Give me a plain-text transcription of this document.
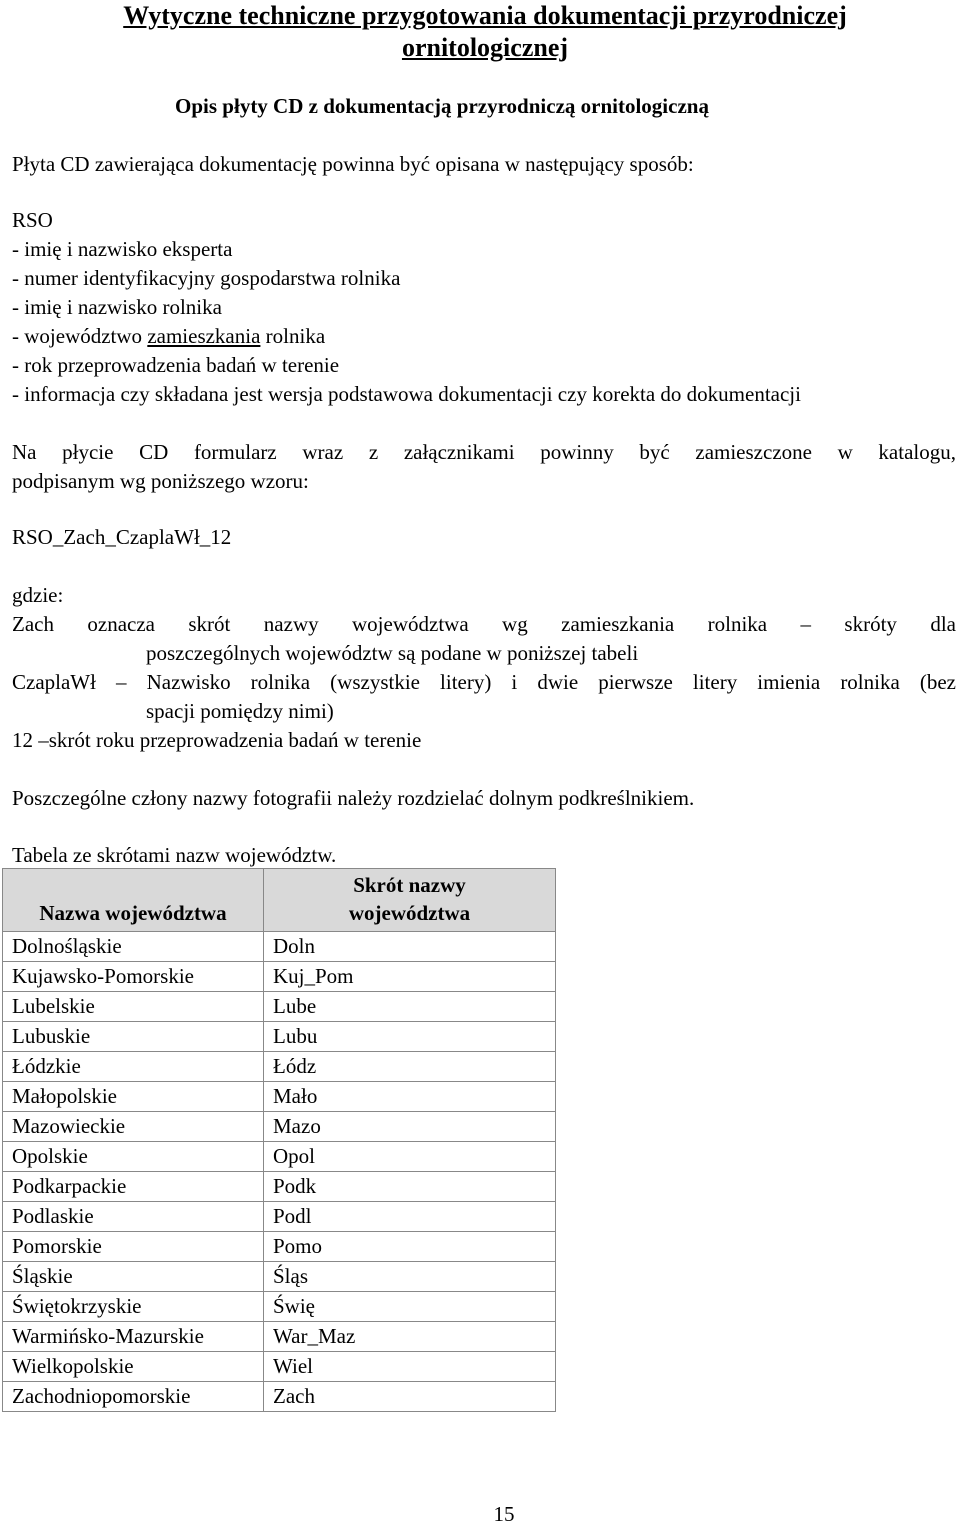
Wytyczne techniczne przygotowania dokumentacji przyrodniczej
ornitologicznej
Opis płyty CD z dokumentacją przyrodniczą ornitologiczną
Płyta CD zawierająca dokumentację powinna być opisana w następujący sposób:
RSO
- imię i nazwisko eksperta
- numer identyfikacyjny gospodarstwa rolnika
- imię i nazwisko rolnika
- województwo zamieszkania rolnika
- rok przeprowadzenia badań w terenie
- informacja czy składana jest wersja podstawowa dokumentacji czy korekta do dokumentacji
Na płycie CD formularz wraz z załącznikami powinny być zamieszczone w katalogu,
podpisanym wg poniższego wzoru:
RSO_Zach_CzaplaWł_12
gdzie:
Zach oznacza skrót nazwy województwa wg zamieszkania rolnika – skróty dla
poszczególnych województw są podane w poniższej tabeli
CzaplaWł – Nazwisko rolnika (wszystkie litery) i dwie pierwsze litery imienia rolnika (bez
spacji pomiędzy nimi)
12 –skrót roku przeprowadzenia badań w terenie
Poszczególne człony nazwy fotografii należy rozdzielać dolnym podkreślnikiem.
Tabela ze skrótami nazw województw.
Nazwa województwa	Skrót nazwy
województwa

Dolnośląskie	Doln
Kujawsko-Pomorskie	Kuj_Pom
Lubelskie	Lube
Lubuskie	Lubu
Łódzkie	Łódz
Małopolskie	Mało
Mazowieckie	Mazo
Opolskie	Opol
Podkarpackie	Podk
Podlaskie	Podl
Pomorskie	Pomo
Śląskie	Śląs
Świętokrzyskie	Świę
Warmińsko-Mazurskie	War_Maz
Wielkopolskie	Wiel
Zachodniopomorskie	Zach
15
